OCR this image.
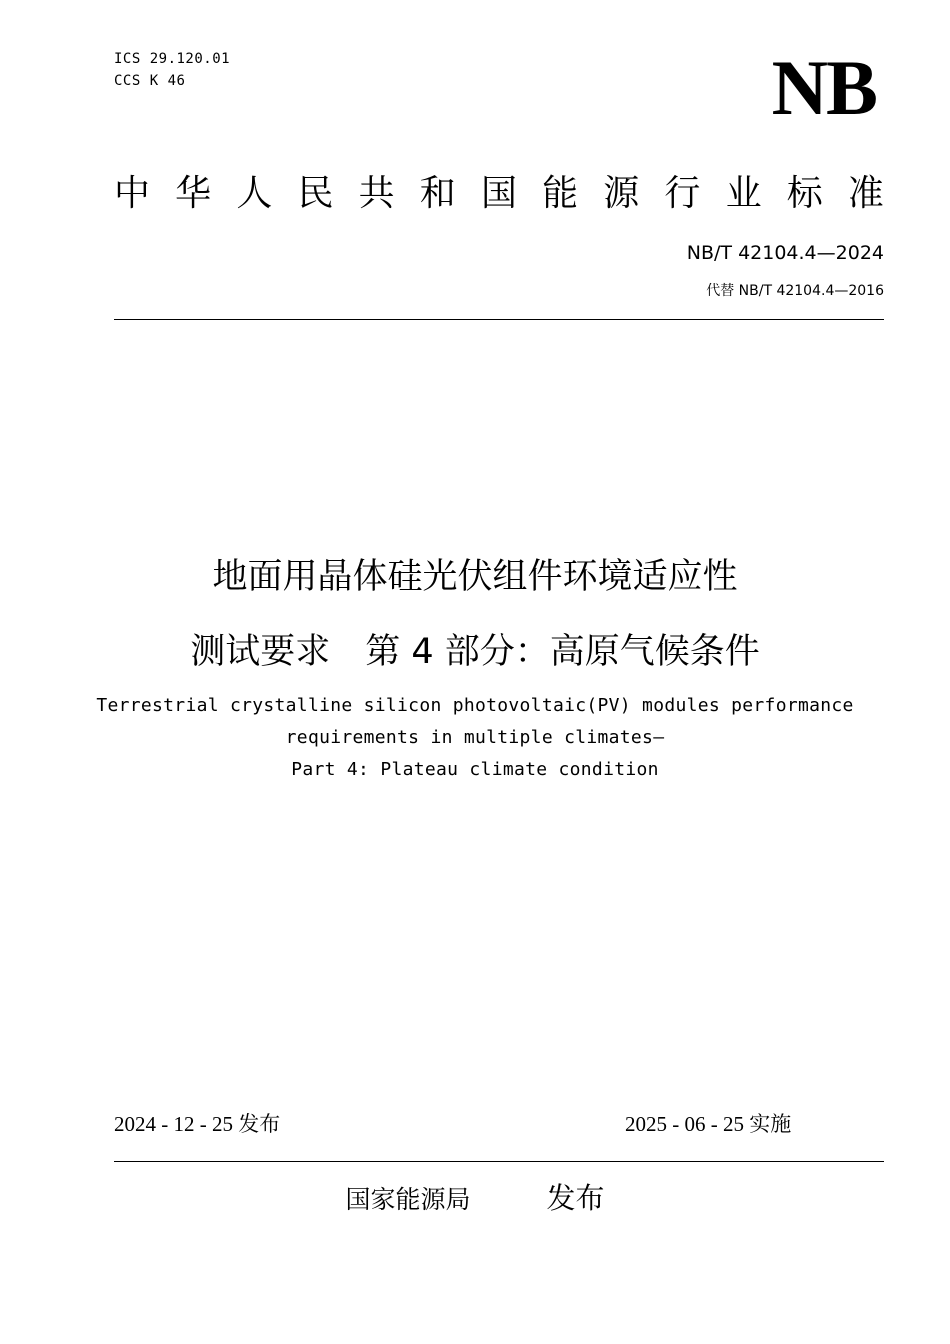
ICS 29.120.01
CCS K 46	NB
中 华 人 民 共 和 国 能 源 行 业 标 准
NB/T 42104.4—2024
代替 NB/T 42104.4—2016
地面用晶体硅光伏组件环境适应性
测试要求　第 4 部分：高原气候条件
Terrestrial crystalline silicon photovoltaic(PV) modules performance
requirements in multiple climates—
Part 4: Plateau climate condition
2024 - 12 - 25 发布	2025 - 06 - 25 实施
国家能源局	发布
